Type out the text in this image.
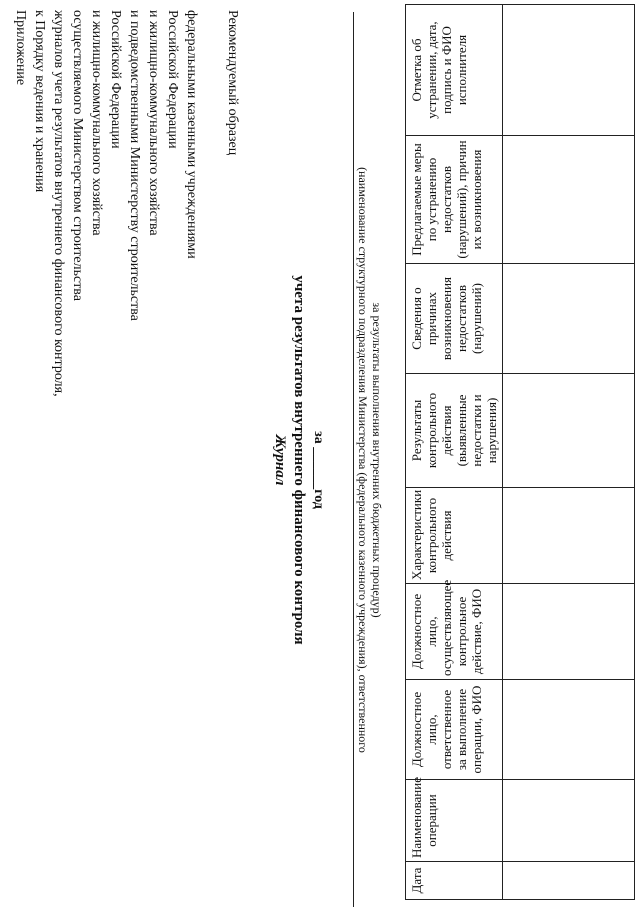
Приложение к Порядку ведения и хранения журналов учета результатов внутреннего финансового контроля, осуществляемого Министерством строительства и жилищно-коммунального хозяйства Российской Федерации и подведомственными Министерству строительства и жилищно-коммунального хозяйства Российской Федерации федеральными казенными учреждениями Рекомендуемый образец
Журнал учета результатов внутреннего финансового контроля за ______год	(наименование структурного подразделения Министерства (федерального казенного учреждения), ответственного за результаты выполнения внутренних бюджетных процедур)
Дата	Наименование операции	Должностное лицо, ответственное за выполнение операции, ФИО	Должностное лицо, осуществляющее контрольное действие, ФИО	Характеристики контрольного действия	Результаты контрольного действия (выявленные недостатки и нарушения)	Сведения о причинах возникновения недостатков (нарушений)	Предлагаемые меры по устранению недостатков (нарушений), причин их возникновения	Отметка об устранении, дата, подпись и ФИО исполнителя
